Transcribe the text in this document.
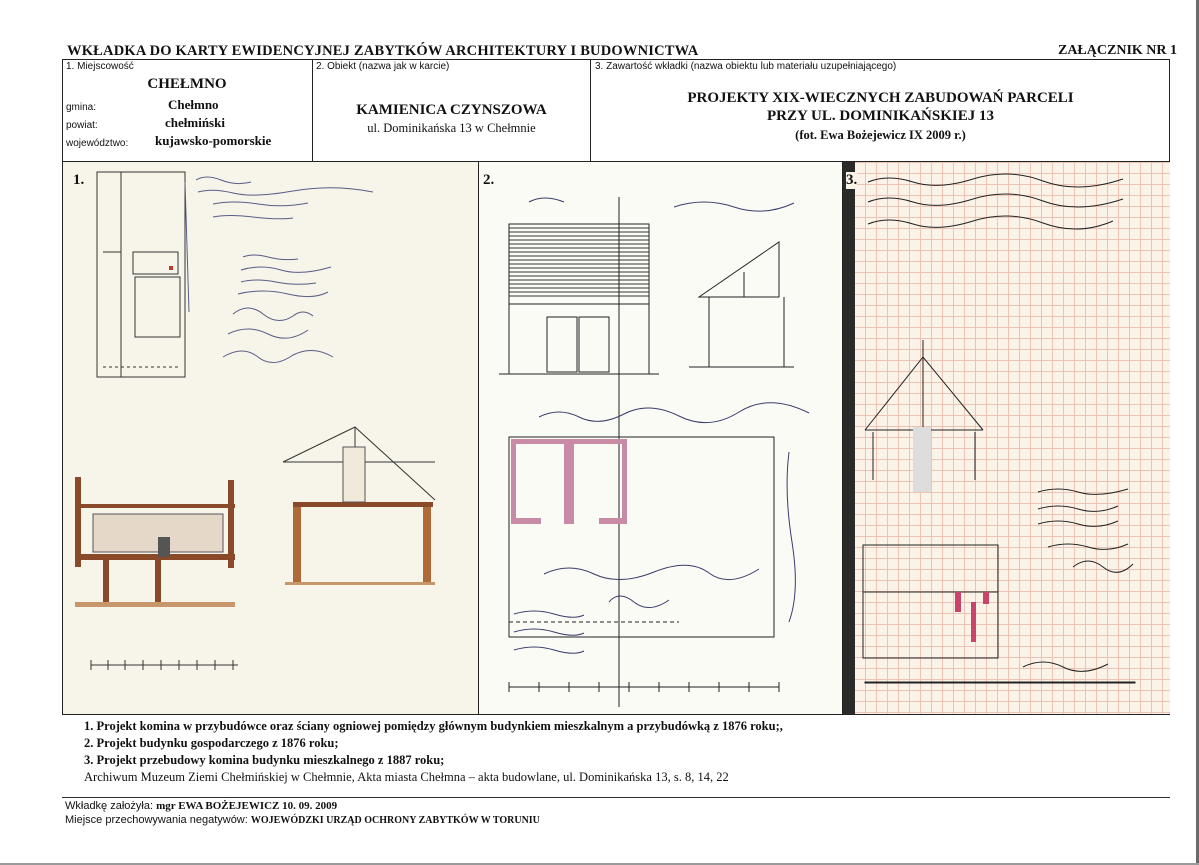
WKŁADKA DO KARTY EWIDENCYJNEJ ZABYTKÓW ARCHITEKTURY I BUDOWNICTWA	ZAŁĄCZNIK NR 1
1. Miejscowość
CHEŁMNO
gmina:	Chełmno
powiat:	chełmiński
województwo: kujawsko-pomorskie
2. Obiekt (nazwa jak w karcie)
KAMIENICA CZYNSZOWA
ul. Dominikańska 13 w Chełmnie
3. Zawartość wkładki (nazwa obiektu lub materiału uzupełniającego)
PROJEKTY XIX-WIECZNYCH ZABUDOWAŃ PARCELI
PRZY UL. DOMINIKAŃSKIEJ 13
(fot. Ewa Bożejewicz IX 2009 r.)
1.	2.	3.
1. Projekt komina w przybudówce oraz ściany ogniowej pomiędzy głównym budynkiem mieszkalnym a przybudówką z 1876 roku;,
2. Projekt budynku gospodarczego z 1876 roku;
3. Projekt przebudowy komina budynku mieszkalnego z 1887 roku;
Archiwum Muzeum Ziemi Chełmińskiej w Chełmnie, Akta miasta Chełmna – akta budowlane, ul. Dominikańska 13, s. 8, 14, 22
Wkładkę założyła: mgr EWA BOŻEJEWICZ 10. 09. 2009
Miejsce przechowywania negatywów: WOJEWÓDZKI URZĄD OCHRONY ZABYTKÓW W TORUNIU
